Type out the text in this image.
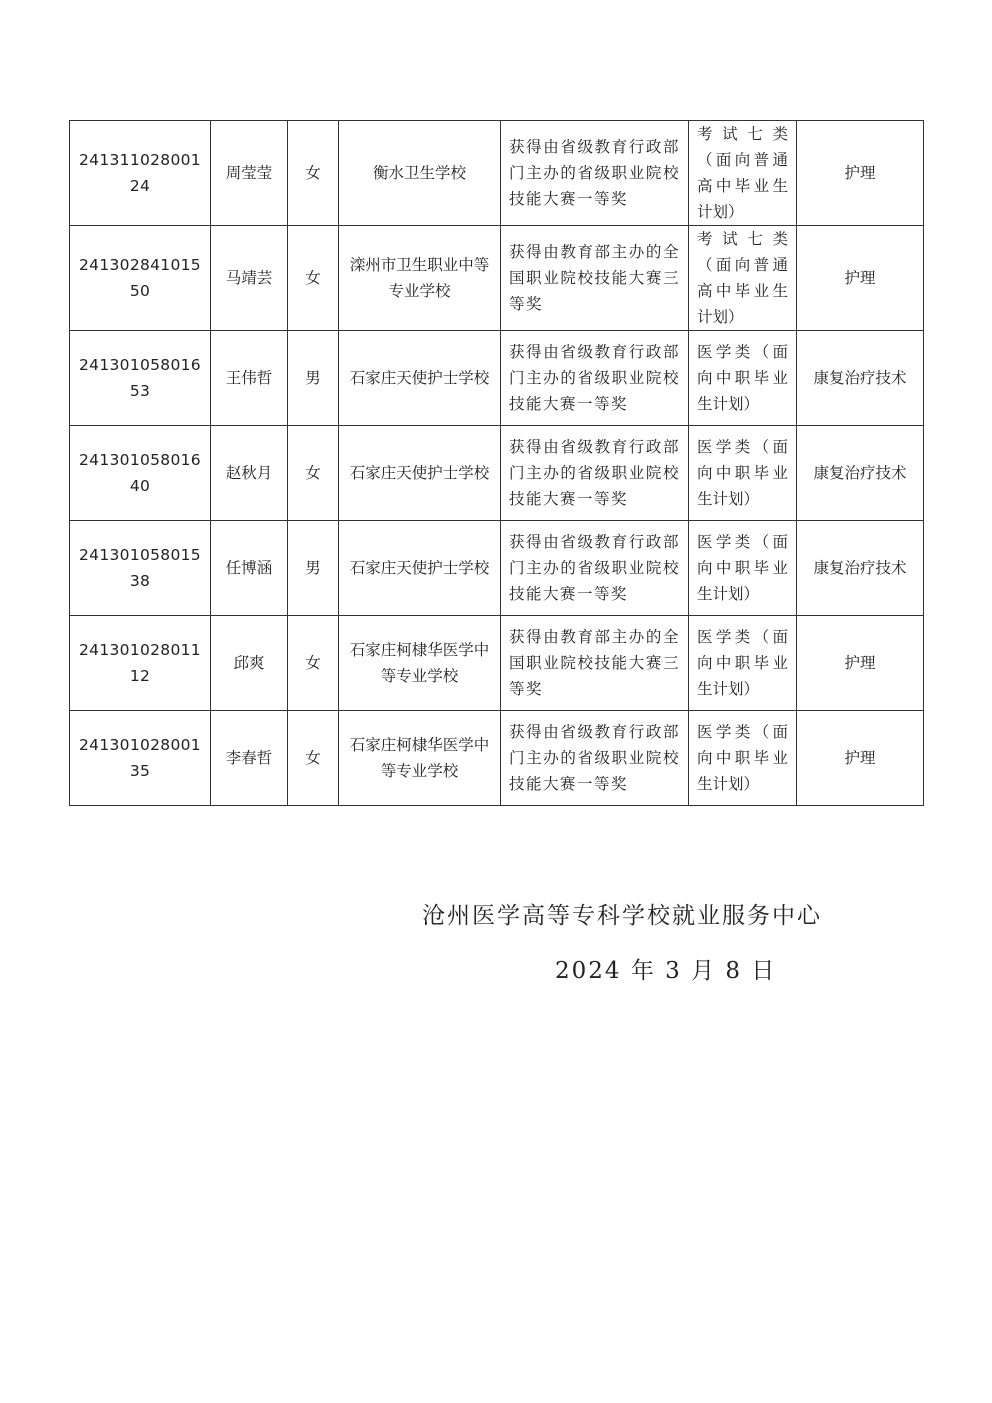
24131102800124	周莹莹	女	衡水卫生学校	获得由省级教育行政部门主办的省级职业院校技能大赛一等奖	考试七类（面向普通高中毕业生计划）	护理
24130284101550	马靖芸	女	滦州市卫生职业中等专业学校	获得由教育部主办的全国职业院校技能大赛三等奖	考试七类（面向普通高中毕业生计划）	护理
24130105801653	王伟哲	男	石家庄天使护士学校	获得由省级教育行政部门主办的省级职业院校技能大赛一等奖	医学类（面向中职毕业生计划）	康复治疗技术
24130105801640	赵秋月	女	石家庄天使护士学校	获得由省级教育行政部门主办的省级职业院校技能大赛一等奖	医学类（面向中职毕业生计划）	康复治疗技术
24130105801538	任博涵	男	石家庄天使护士学校	获得由省级教育行政部门主办的省级职业院校技能大赛一等奖	医学类（面向中职毕业生计划）	康复治疗技术
24130102801112	邱爽	女	石家庄柯棣华医学中等专业学校	获得由教育部主办的全国职业院校技能大赛三等奖	医学类（面向中职毕业生计划）	护理
24130102800135	李春哲	女	石家庄柯棣华医学中等专业学校	获得由省级教育行政部门主办的省级职业院校技能大赛一等奖	医学类（面向中职毕业生计划）	护理
沧州医学高等专科学校就业服务中心
2024 年 3 月 8 日
